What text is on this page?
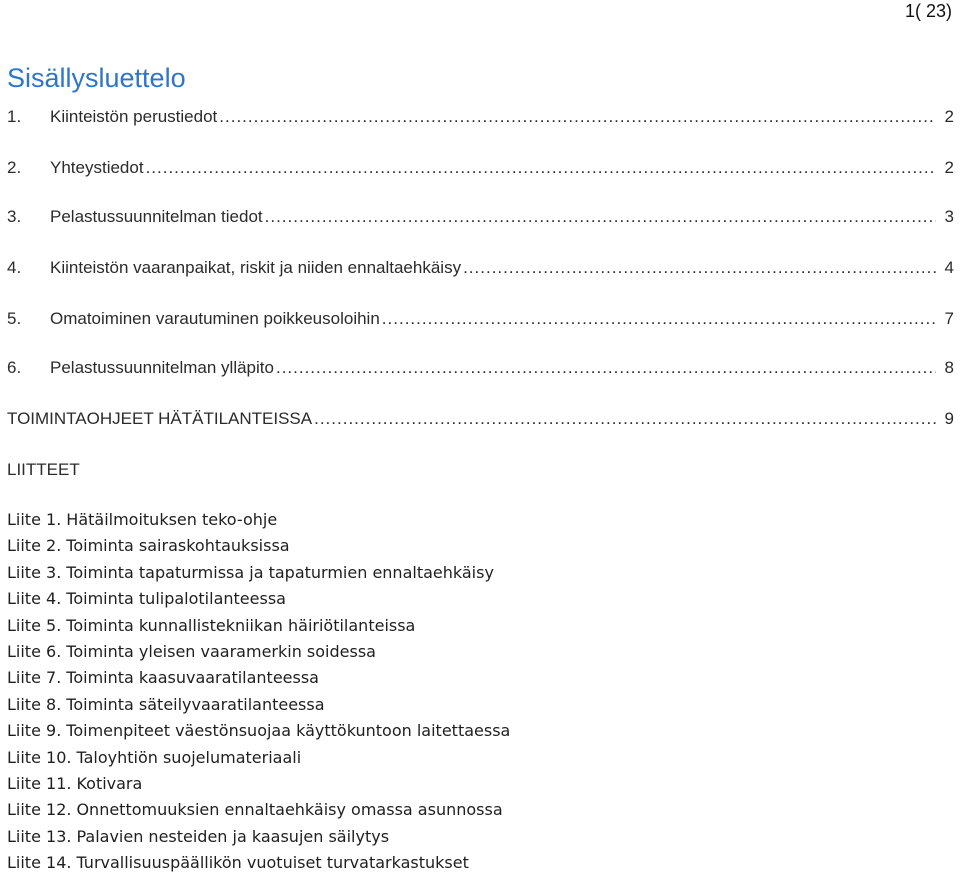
1( 23)
Sisällysluettelo
1.	Kiinteistön perustiedot .....	2
2.	Yhteystiedot .....	2
3.	Pelastussuunnitelman tiedot .....	3
4.	Kiinteistön vaaranpaikat, riskit ja niiden ennaltaehkäisy .....	4
5.	Omatoiminen varautuminen poikkeusoloihin .....	7
6.	Pelastussuunnitelman ylläpito .....	8
TOIMINTAOHJEET HÄTÄTILANTEISSA .....	9
LIITTEET
Liite 1. Hätäilmoituksen teko-ohje
Liite 2. Toiminta sairaskohtauksissa
Liite 3. Toiminta tapaturmissa ja tapaturmien ennaltaehkäisy
Liite 4. Toiminta tulipalotilanteessa
Liite 5. Toiminta kunnallistekniikan häiriötilanteissa
Liite 6. Toiminta yleisen vaaramerkin soidessa
Liite 7. Toiminta kaasuvaaratilanteessa
Liite 8. Toiminta säteilyvaaratilanteessa
Liite 9. Toimenpiteet väestönsuojaa käyttökuntoon laitettaessa
Liite 10. Taloyhtiön suojelumateriaali
Liite 11. Kotivara
Liite 12. Onnettomuuksien ennaltaehkäisy omassa asunnossa
Liite 13. Palavien nesteiden ja kaasujen säilytys
Liite 14. Turvallisuuspäällikön vuotuiset turvatarkastukset
